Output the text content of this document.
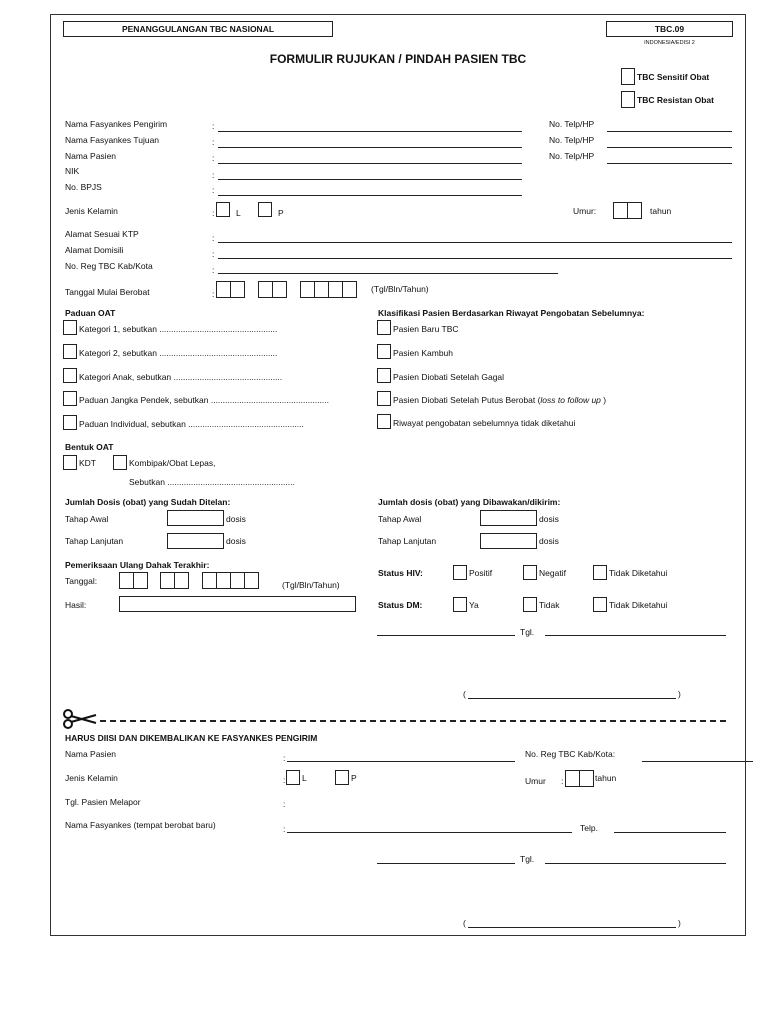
PENANGGULANGAN TBC NASIONAL	TBC.09
INDONESIA/EDISI 2
FORMULIR RUJUKAN / PINDAH PASIEN TBC
TBC Sensitif Obat
TBC Resistan Obat
Nama Fasyankes Pengirim	:	No. Telp/HP
Nama Fasyankes Tujuan	:	No. Telp/HP
Nama Pasien	:	No. Telp/HP
NIK	:
No. BPJS	:
Jenis Kelamin	:	L	P	Umur:	tahun
Alamat Sesuai KTP	:
Alamat Domisili	:
No. Reg TBC Kab/Kota	:
Tanggal Mulai Berobat	:	(Tgl/Bln/Tahun)
Paduan OAT
Kategori 1, sebutkan ..................................................
Kategori 2, sebutkan ..................................................
Kategori Anak, sebutkan ..............................................
Paduan Jangka Pendek, sebutkan ..................................................
Paduan Individual, sebutkan .................................................
Klasifikasi Pasien Berdasarkan Riwayat Pengobatan Sebelumnya:
Pasien Baru TBC
Pasien Kambuh
Pasien Diobati Setelah Gagal
Pasien Diobati Setelah Putus Berobat (loss to follow up )
Riwayat pengobatan sebelumnya tidak diketahui
Bentuk OAT
KDT	Kombipak/Obat Lepas,
Sebutkan ......................................................
Jumlah Dosis (obat) yang Sudah Ditelan:
Tahap Awal	dosis
Tahap Lanjutan	dosis
Jumlah dosis (obat) yang Dibawakan/dikirim:
Tahap Awal	dosis
Tahap Lanjutan	dosis
Pemeriksaan Ulang Dahak Terakhir:
Tanggal:	(Tgl/Bln/Tahun)
Hasil:
Status HIV:	Positif	Negatif	Tidak Diketahui
Status DM:	Ya	Tidak	Tidak Diketahui
Tgl.
(	)
HARUS DIISI DAN DIKEMBALIKAN KE FASYANKES PENGIRIM
Nama Pasien	:	No. Reg TBC Kab/Kota:
Jenis Kelamin	: L	P	Umur :	tahun
Tgl. Pasien Melapor	:
Nama Fasyankes (tempat berobat baru)	:	Telp.
Tgl.
(	)
